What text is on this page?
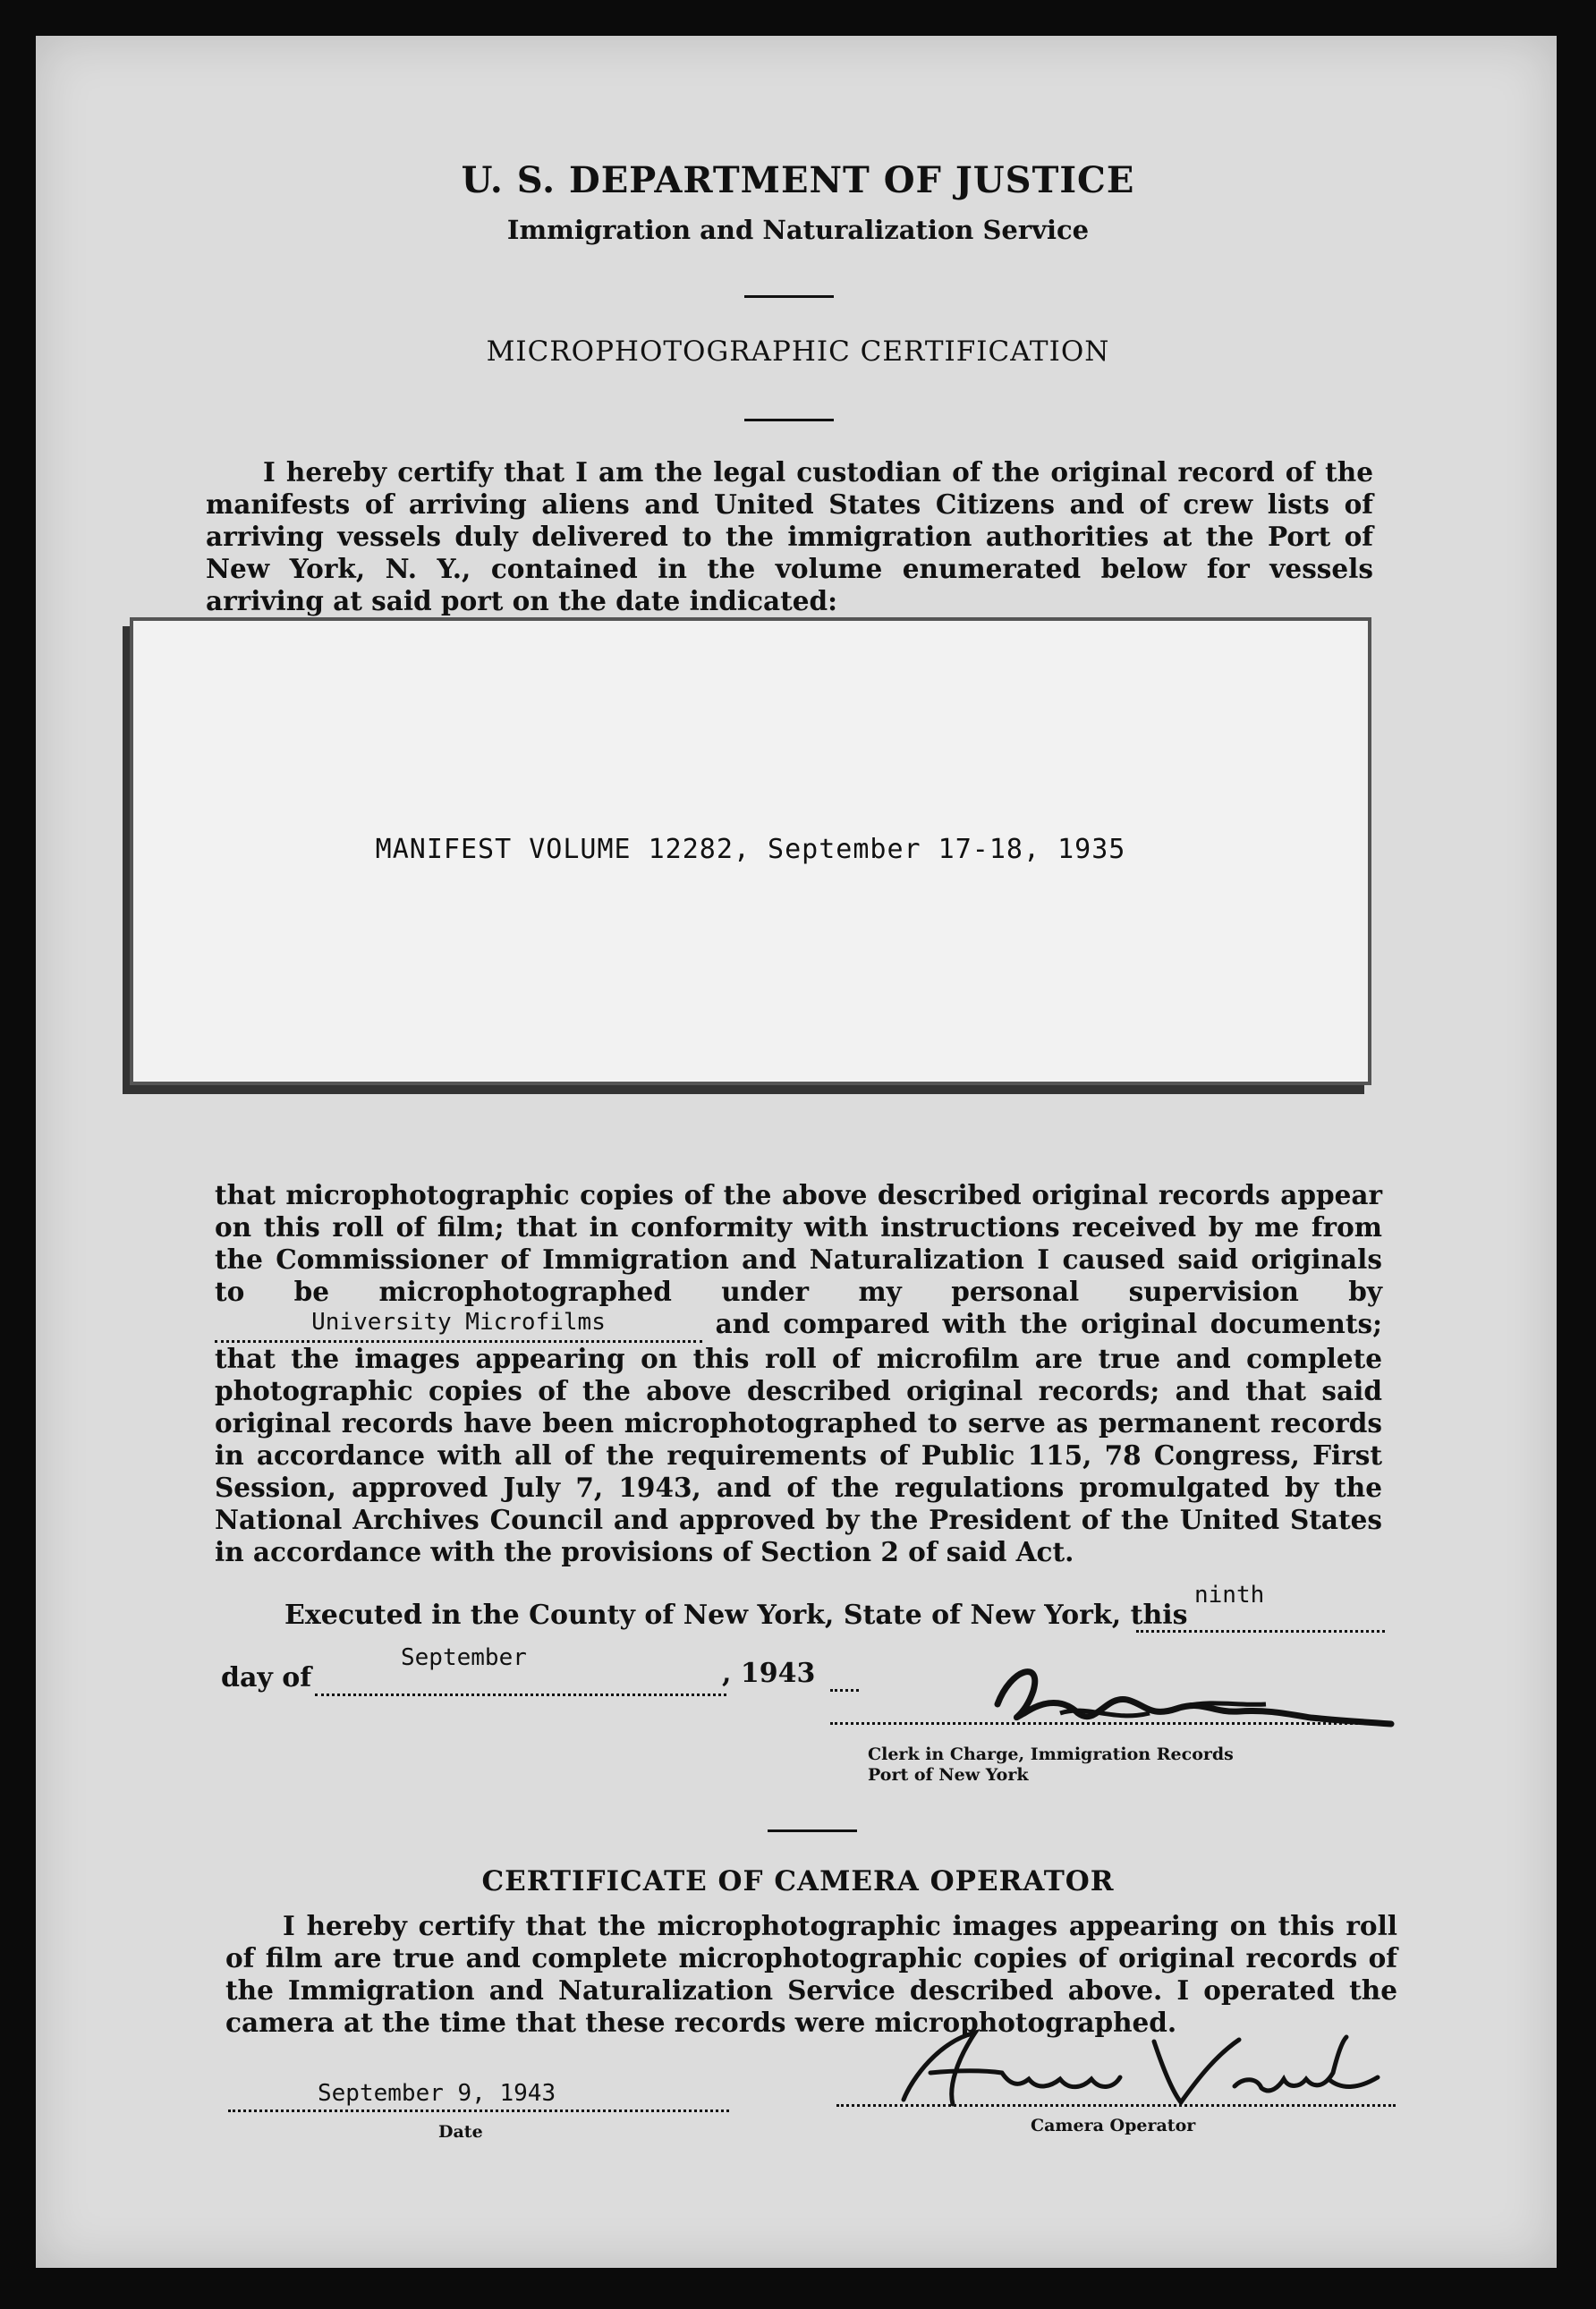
U. S. DEPARTMENT OF JUSTICE
Immigration and Naturalization Service
MICROPHOTOGRAPHIC CERTIFICATION

I hereby certify that I am the legal custodian of the original record of the manifests of arriving aliens and United States Citizens and of crew lists of arriving vessels duly delivered to the immigration authorities at the Port of New York, N. Y., contained in the volume enumerated below for vessels arriving at said port on the date indicated:

MANIFEST VOLUME 12282, September 17-18, 1935

that microphotographic copies of the above described original records appear on this roll of film; that in conformity with instructions received by me from the Commissioner of Immigration and Naturalization I caused said originals to be microphotographed under my personal supervision by
University Microfilms	and compared with the original documents; that the images appearing on this roll of microfilm are true and complete photographic copies of the above described original records; and that said original records have been microphotographed to serve as permanent records in accordance with all of the requirements of Public 115, 78 Congress, First Session, approved July 7, 1943, and of the regulations promulgated by the National Archives Council and approved by the President of the United States in accordance with the provisions of Section 2 of said Act.

Executed in the County of New York, State of New York, this
ninth
day of
September	, 1943
Clerk in Charge, Immigration Records
Port of New York
CERTIFICATE OF CAMERA OPERATOR

I hereby certify that the microphotographic images appearing on this roll of film are true and complete microphotographic copies of original records of the Immigration and Naturalization Service described above. I operated the camera at the time that these records were microphotographed.

September 9, 1943
Date	Camera Operator
